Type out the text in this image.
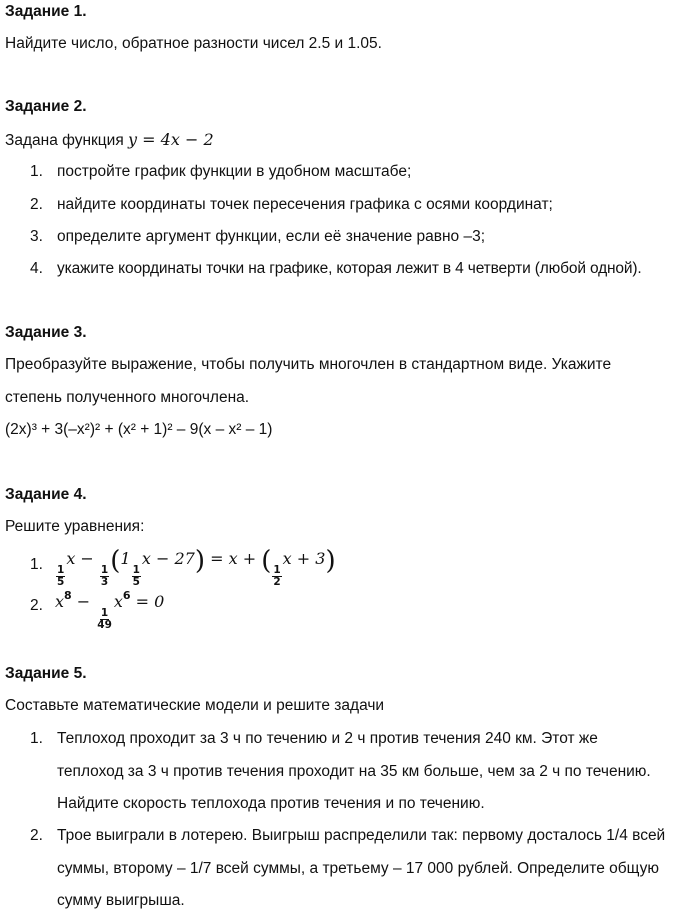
Задание 1.
Найдите число, обратное разности чисел 2.5 и 1.05.
Задание 2.
Задана функция y = 4x − 2
1. постройте график функции в удобном масштабе;
2. найдите координаты точек пересечения графика с осями координат;
3. определите аргумент функции, если её значение равно –3;
4. укажите координаты точки на графике, которая лежит в 4 четверти (любой одной).
Задание 3.
Преобразуйте выражение, чтобы получить многочлен в стандартном виде. Укажите
степень полученного многочлена.
(2x)³ + 3(–x²)² + (x² + 1)² – 9(x – x² – 1)
Задание 4.
Решите уравнения:
1.
$\frac{1}{5}$
x −
$\frac{1}{3}$
(1
$\frac{1}{5}$
x − 27) = x + (
$\frac{1}{2}$
x + 3)
2. $x^8$ −
$\frac{1}{49}$
$x^6 = 0$
Задание 5.
Составьте математические модели и решите задачи
1. Теплоход проходит за 3 ч по течению и 2 ч против течения 240 км. Этот же
теплоход за 3 ч против течения проходит на 35 км больше, чем за 2 ч по течению.
Найдите скорость теплохода против течения и по течению.
2. Трое выиграли в лотерею. Выигрыш распределили так: первому досталось 1/4 всей
суммы, второму – 1/7 всей суммы, а третьему – 17 000 рублей. Определите общую
сумму выигрыша.
